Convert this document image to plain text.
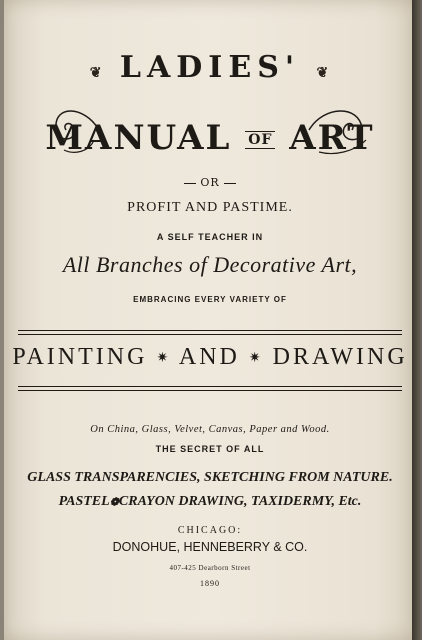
❦ LADIES' ❦
MANUAL OF ART
OR
PROFIT AND PASTIME.
A SELF TEACHER IN
All Branches of Decorative Art,
EMBRACING EVERY VARIETY OF
PAINTING ✷ AND ✷ DRAWING
On China, Glass, Velvet, Canvas, Paper and Wood.
THE SECRET OF ALL
GLASS TRANSPARENCIES, SKETCHING FROM NATURE.
PASTEL❁CRAYON DRAWING, TAXIDERMY, Etc.
CHICAGO:
DONOHUE, HENNEBERRY & CO.
407-425 Dearborn Street
1890
